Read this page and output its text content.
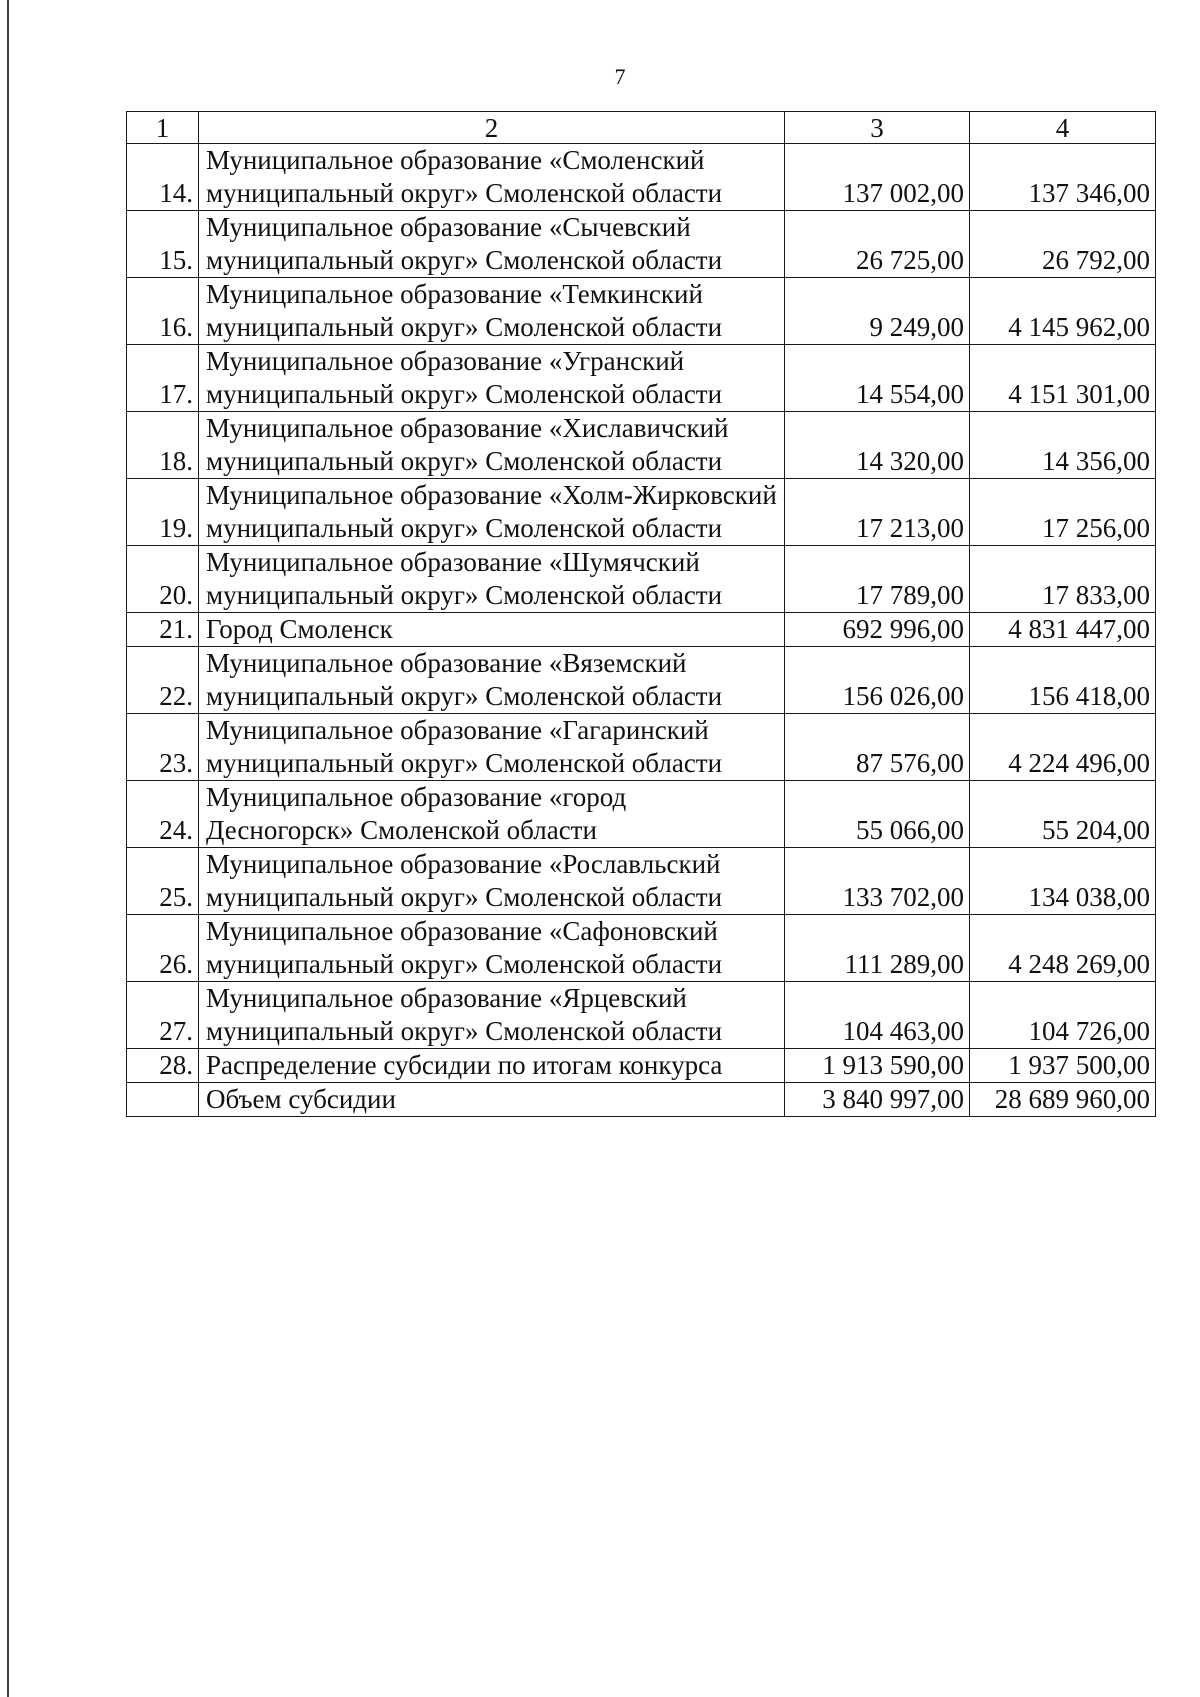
7
1	2	3	4
14.	Муниципальное образование «Смоленский муниципальный округ» Смоленской области	137 002,00	137 346,00
15.	Муниципальное образование «Сычевский муниципальный округ» Смоленской области	26 725,00	26 792,00
16.	Муниципальное образование «Темкинский муниципальный округ» Смоленской области	9 249,00	4 145 962,00
17.	Муниципальное образование «Угранский муниципальный округ» Смоленской области	14 554,00	4 151 301,00
18.	Муниципальное образование «Хиславичский муниципальный округ» Смоленской области	14 320,00	14 356,00
19.	Муниципальное образование «Холм-Жирковский муниципальный округ» Смоленской области	17 213,00	17 256,00
20.	Муниципальное образование «Шумячский муниципальный округ» Смоленской области	17 789,00	17 833,00
21.	Город Смоленск	692 996,00	4 831 447,00
22.	Муниципальное образование «Вяземский муниципальный округ» Смоленской области	156 026,00	156 418,00
23.	Муниципальное образование «Гагаринский муниципальный округ» Смоленской области	87 576,00	4 224 496,00
24.	Муниципальное образование «город Десногорск» Смоленской области	55 066,00	55 204,00
25.	Муниципальное образование «Рославльский муниципальный округ» Смоленской области	133 702,00	134 038,00
26.	Муниципальное образование «Сафоновский муниципальный округ» Смоленской области	111 289,00	4 248 269,00
27.	Муниципальное образование «Ярцевский муниципальный округ» Смоленской области	104 463,00	104 726,00
28.	Распределение субсидии по итогам конкурса	1 913 590,00	1 937 500,00
	Объем субсидии	3 840 997,00	28 689 960,00
